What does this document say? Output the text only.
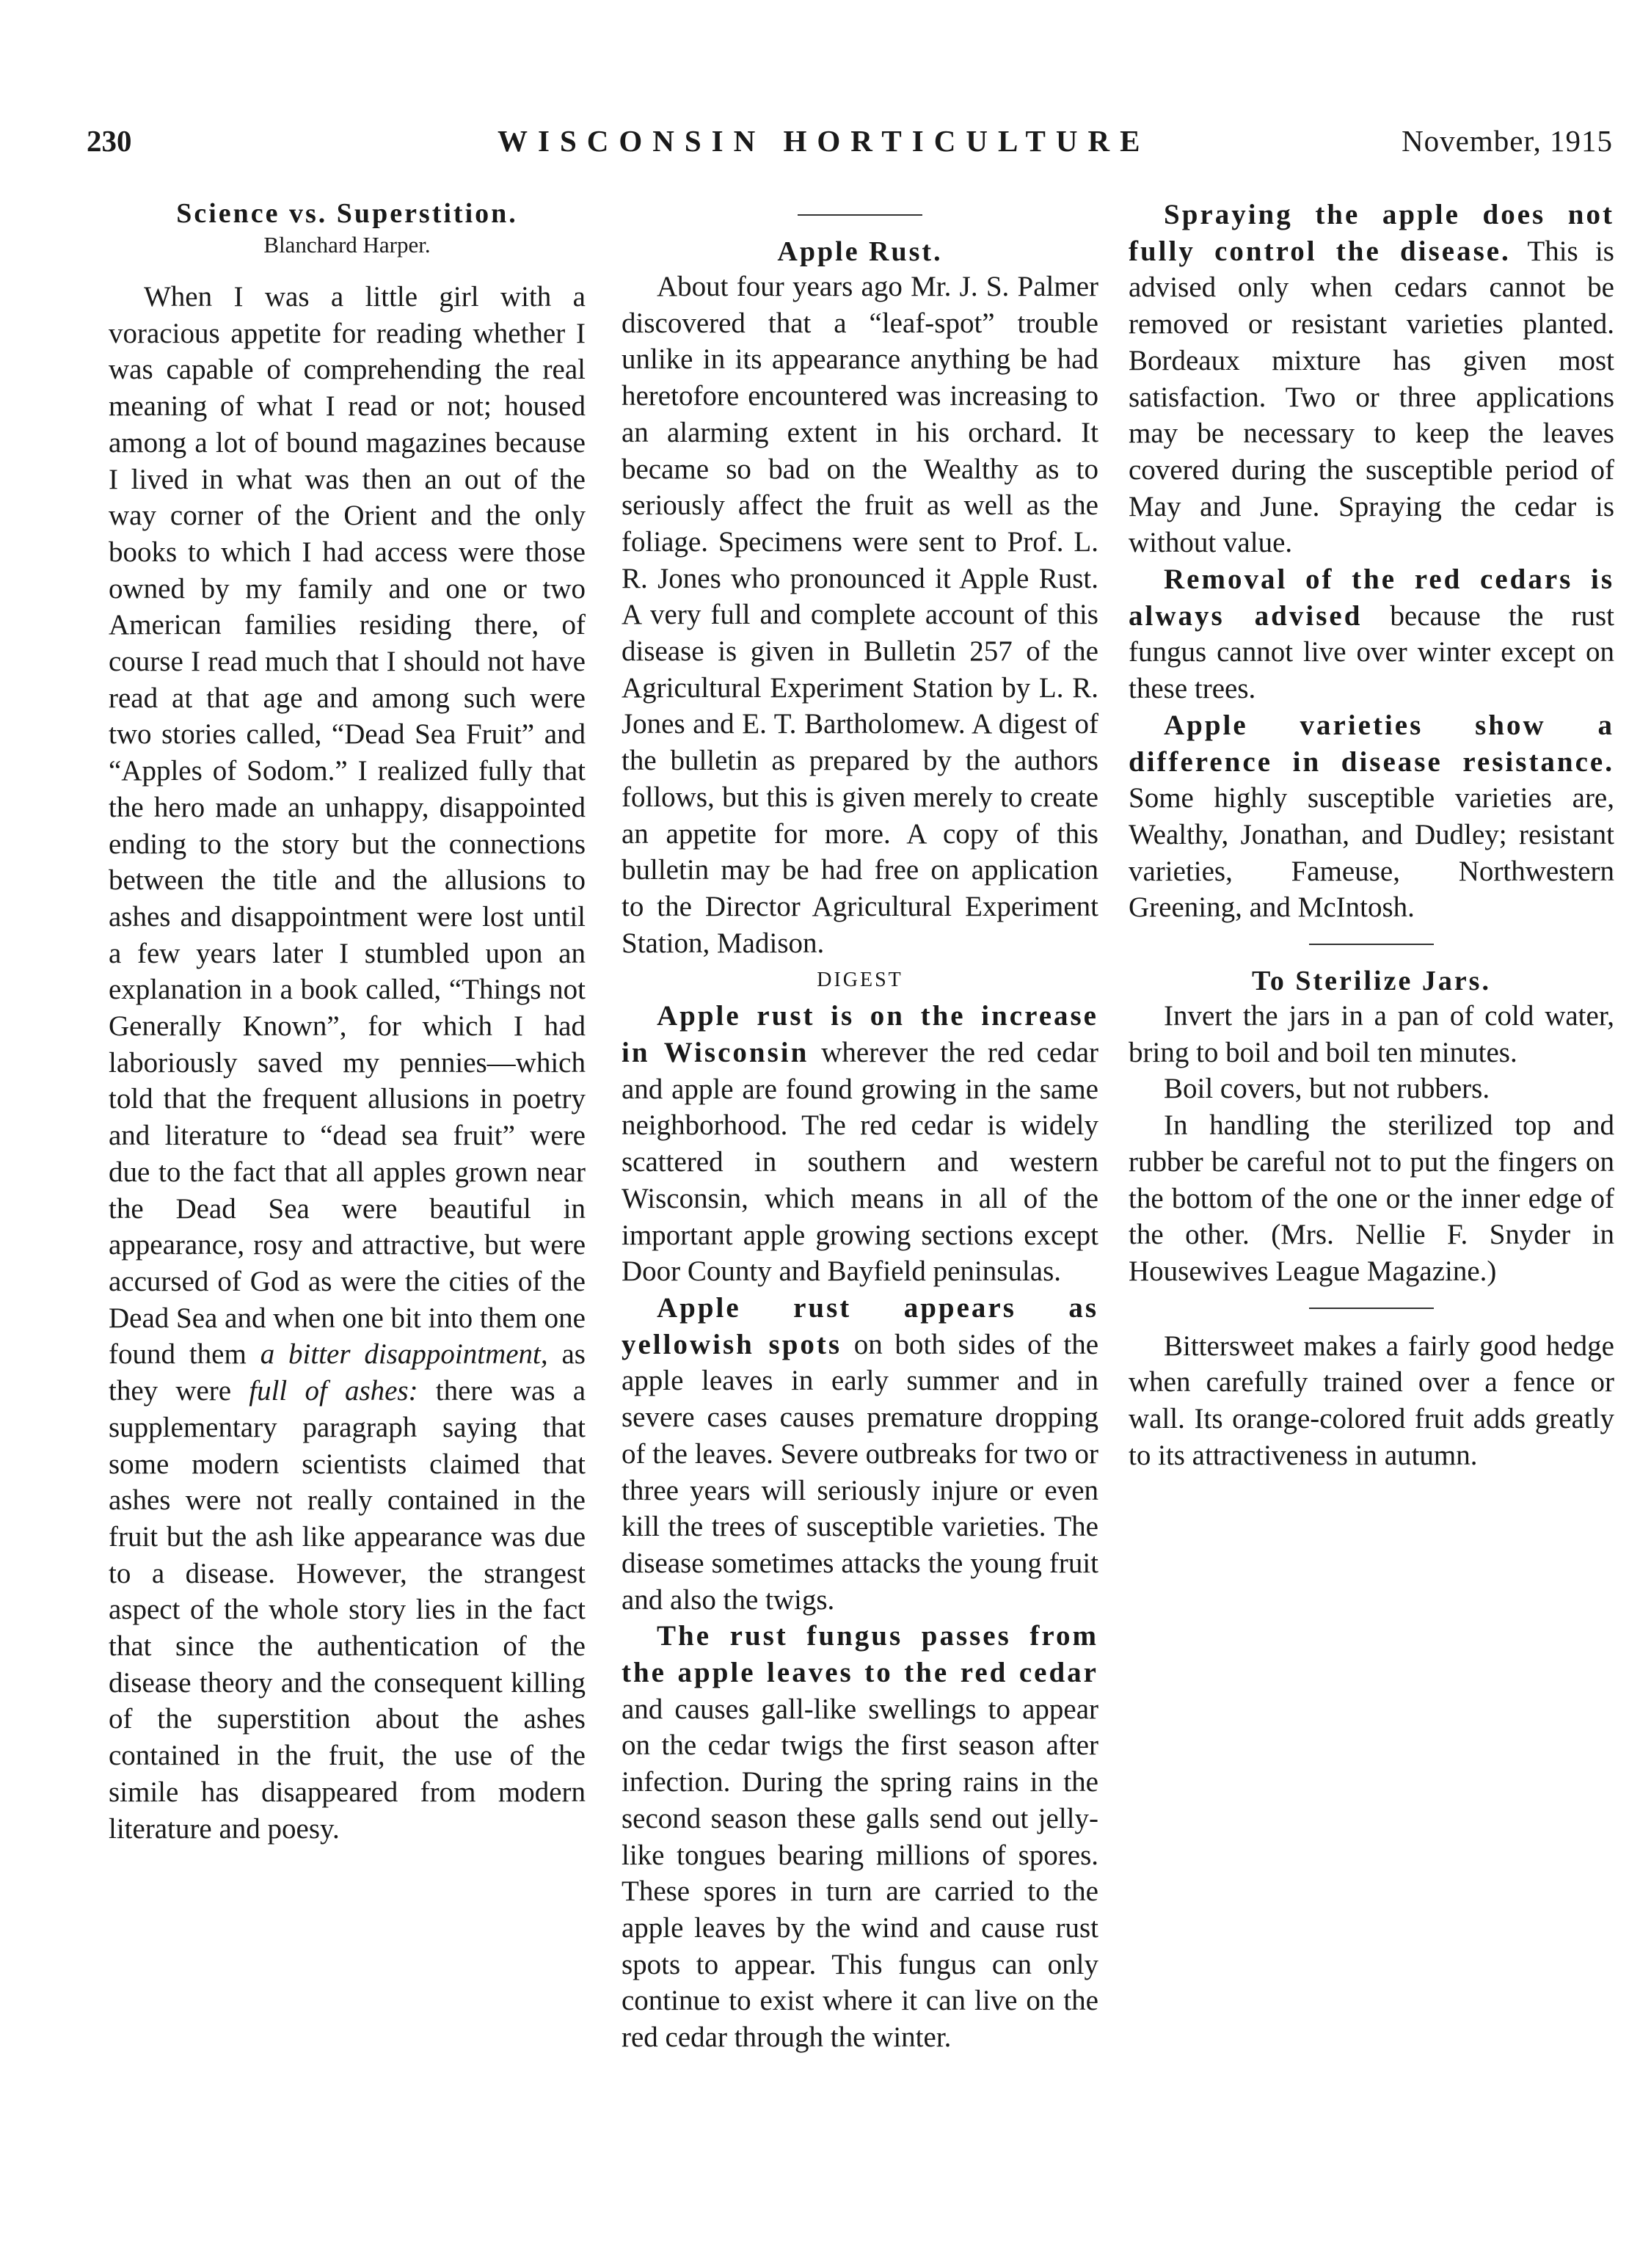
230	WISCONSIN HORTICULTURE	November, 1915
Science vs. Superstition.
Blanchard Harper.

When I was a little girl with a voracious appetite for reading whether I was capable of comprehending the real meaning of what I read or not; housed among a lot of bound magazines because I lived in what was then an out of the way corner of the Orient and the only books to which I had access were those owned by my family and one or two American families residing there, of course I read much that I should not have read at that age and among such were two stories called, “Dead Sea Fruit” and “Apples of Sodom.” I realized fully that the hero made an unhappy, disappointed ending to the story but the connections between the title and the allusions to ashes and disappointment were lost until a few years later I stumbled upon an explanation in a book called, “Things not Generally Known”, for which I had laboriously saved my pennies—which told that the frequent allusions in poetry and literature to “dead sea fruit” were due to the fact that all apples grown near the Dead Sea were beautiful in appearance, rosy and attractive, but were accursed of God as were the cities of the Dead Sea and when one bit into them one found them a bitter disappointment, as they were full of ashes: there was a supplementary paragraph saying that some modern scientists claimed that ashes were not really contained in the fruit but the ash like appearance was due to a disease. However, the strangest aspect of the whole story lies in the fact that since the authentication of the disease theory and the consequent killing of the superstition about the ashes contained in the fruit, the use of the simile has disappeared from modern literature and poesy.

Apple Rust.

About four years ago Mr. J. S. Palmer discovered that a “leaf-spot” trouble unlike in its appearance anything be had heretofore encountered was increasing to an alarming extent in his orchard. It became so bad on the Wealthy as to seriously affect the fruit as well as the foliage. Specimens were sent to Prof. L. R. Jones who pronounced it Apple Rust. A very full and complete account of this disease is given in Bulletin 257 of the Agricultural Experiment Station by L. R. Jones and E. T. Bartholomew. A digest of the bulletin as prepared by the authors follows, but this is given merely to create an appetite for more. A copy of this bulletin may be had free on application to the Director Agricultural Experiment Station, Madison.

DIGEST

Apple rust is on the increase in Wisconsin wherever the red cedar and apple are found growing in the same neighborhood. The red cedar is widely scattered in southern and western Wisconsin, which means in all of the important apple growing sections except Door County and Bayfield peninsulas.

Apple rust appears as yellowish spots on both sides of the apple leaves in early summer and in severe cases causes premature dropping of the leaves. Severe outbreaks for two or three years will seriously injure or even kill the trees of susceptible varieties. The disease sometimes attacks the young fruit and also the twigs.

The rust fungus passes from the apple leaves to the red cedar and causes gall-like swellings to appear on the cedar twigs the first season after infection. During the spring rains in the second season these galls send out jelly-like tongues bearing millions of spores. These spores in turn are carried to the apple leaves by the wind and cause rust spots to appear. This fungus can only continue to exist where it can live on the red cedar through the winter.

Spraying the apple does not fully control the disease. This is advised only when cedars cannot be removed or resistant varieties planted. Bordeaux mixture has given most satisfaction. Two or three applications may be necessary to keep the leaves covered during the susceptible period of May and June. Spraying the cedar is without value.

Removal of the red cedars is always advised because the rust fungus cannot live over winter except on these trees.

Apple varieties show a difference in disease resistance. Some highly susceptible varieties are, Wealthy, Jonathan, and Dudley; resistant varieties, Fameuse, Northwestern Greening, and McIntosh.

To Sterilize Jars.

Invert the jars in a pan of cold water, bring to boil and boil ten minutes.

Boil covers, but not rubbers.

In handling the sterilized top and rubber be careful not to put the fingers on the bottom of the one or the inner edge of the other. (Mrs. Nellie F. Snyder in Housewives League Magazine.)

Bittersweet makes a fairly good hedge when carefully trained over a fence or wall. Its orange-colored fruit adds greatly to its attractiveness in autumn.
